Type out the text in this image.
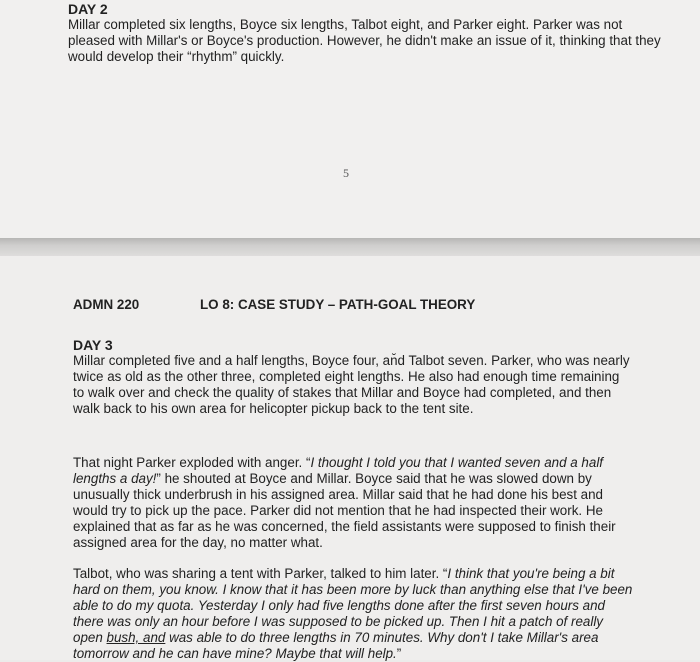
DAY 2

Millar completed six lengths, Boyce six lengths, Talbot eight, and Parker eight. Parker was not pleased with Millar's or Boyce's production. However, he didn't make an issue of it, thinking that they would develop their “rhythm” quickly.

5
ADMN 220	LO 8: CASE STUDY – PATH-GOAL THEORY

DAY 3

Millar completed five and a half lengths, Boyce four, an̆d Talbot seven. Parker, who was nearly twice as old as the other three, completed eight lengths. He also had enough time remaining to walk over and check the quality of stakes that Millar and Boyce had completed, and then walk back to his own area for helicopter pickup back to the tent site.

That night Parker exploded with anger. “I thought I told you that I wanted seven and a half lengths a day!” he shouted at Boyce and Millar. Boyce said that he was slowed down by unusually thick underbrush in his assigned area. Millar said that he had done his best and would try to pick up the pace. Parker did not mention that he had inspected their work. He explained that as far as he was concerned, the field assistants were supposed to finish their assigned area for the day, no matter what.

Talbot, who was sharing a tent with Parker, talked to him later. “I think that you're being a bit hard on them, you know. I know that it has been more by luck than anything else that I've been able to do my quota. Yesterday I only had five lengths done after the first seven hours and there was only an hour before I was supposed to be picked up. Then I hit a patch of really open bush, and was able to do three lengths in 70 minutes. Why don't I take Millar's area tomorrow and he can have mine? Maybe that will help.”
